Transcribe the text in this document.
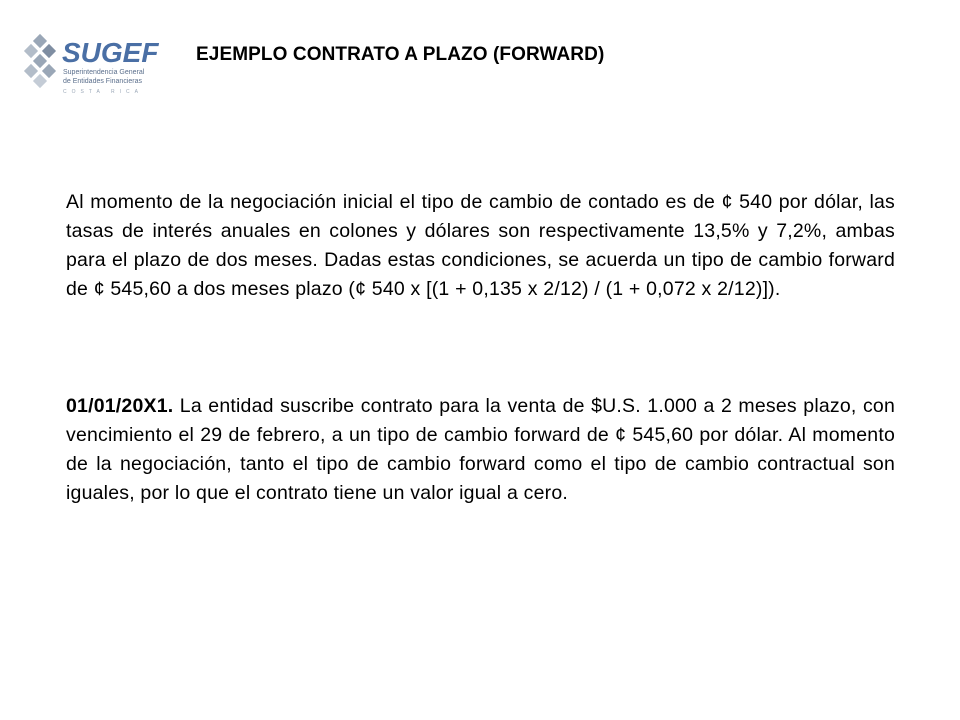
SUGEF
Superintendencia General
de Entidades Financieras
COSTA RICA
EJEMPLO CONTRATO A PLAZO (FORWARD)
Al momento de la negociación inicial el tipo de cambio de contado es de ¢ 540 por dólar, las tasas de interés anuales en colones y dólares son respectivamente 13,5% y 7,2%, ambas para el plazo de dos meses. Dadas estas condiciones, se acuerda un tipo de cambio forward de ¢ 545,60 a dos meses plazo (¢ 540 x [(1 + 0,135 x 2/12) / (1 + 0,072 x 2/12)]).
01/01/20X1. La entidad suscribe contrato para la venta de $U.S. 1.000 a 2 meses plazo, con vencimiento el 29 de febrero, a un tipo de cambio forward de ¢ 545,60 por dólar. Al momento de la negociación, tanto el tipo de cambio forward como el tipo de cambio contractual son iguales, por lo que el contrato tiene un valor igual a cero.
